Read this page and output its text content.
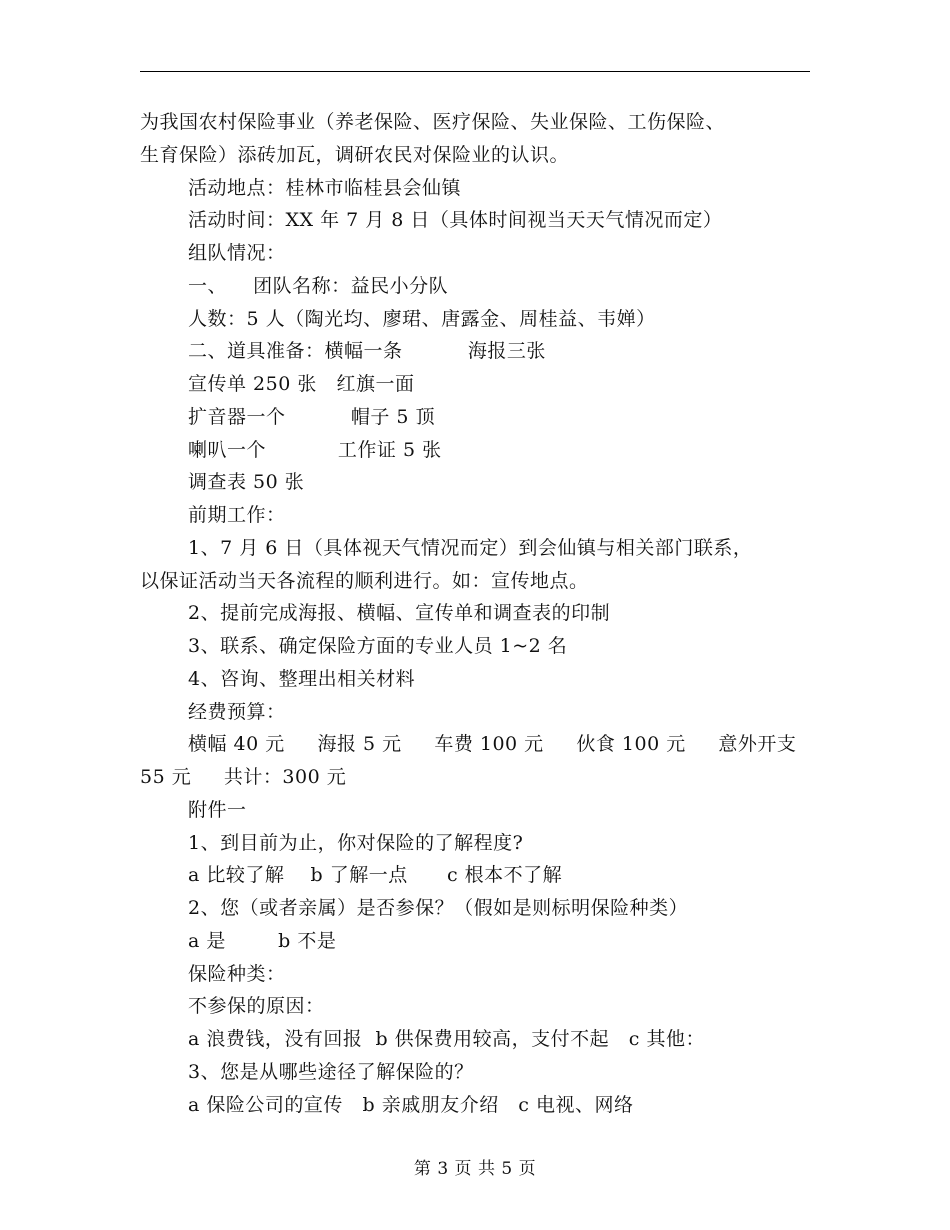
为我国农村保险事业（养老保险、医疗保险、失业保险、工伤保险、
生育保险）添砖加瓦，调研农民对保险业的认识。
活动地点：桂林市临桂县会仙镇
活动时间：XX 年 7 月 8 日（具体时间视当天天气情况而定）
组队情况：
一、    团队名称：益民小分队
人数：5 人（陶光均、廖珺、唐露金、周桂益、韦婵）
二、道具准备：横幅一条          海报三张
宣传单 250 张   红旗一面
扩音器一个          帽子 5 顶
喇叭一个           工作证 5 张
调查表 50 张
前期工作：
1、7 月 6 日（具体视天气情况而定）到会仙镇与相关部门联系，
以保证活动当天各流程的顺利进行。如：宣传地点。
2、提前完成海报、横幅、宣传单和调查表的印制
3、联系、确定保险方面的专业人员 1~2 名
4、咨询、整理出相关材料
经费预算：
横幅 40 元     海报 5 元     车费 100 元     伙食 100 元     意外开支
55 元     共计：300 元
附件一
1、到目前为止，你对保险的了解程度?
a 比较了解    b 了解一点      c 根本不了解
2、您（或者亲属）是否参保？（假如是则标明保险种类）
a 是        b 不是
保险种类：
不参保的原因：
a 浪费钱，没有回报  b 供保费用较高，支付不起   c 其他：
3、您是从哪些途径了解保险的？
a 保险公司的宣传   b 亲戚朋友介绍   c 电视、网络
第 3 页 共 5 页
